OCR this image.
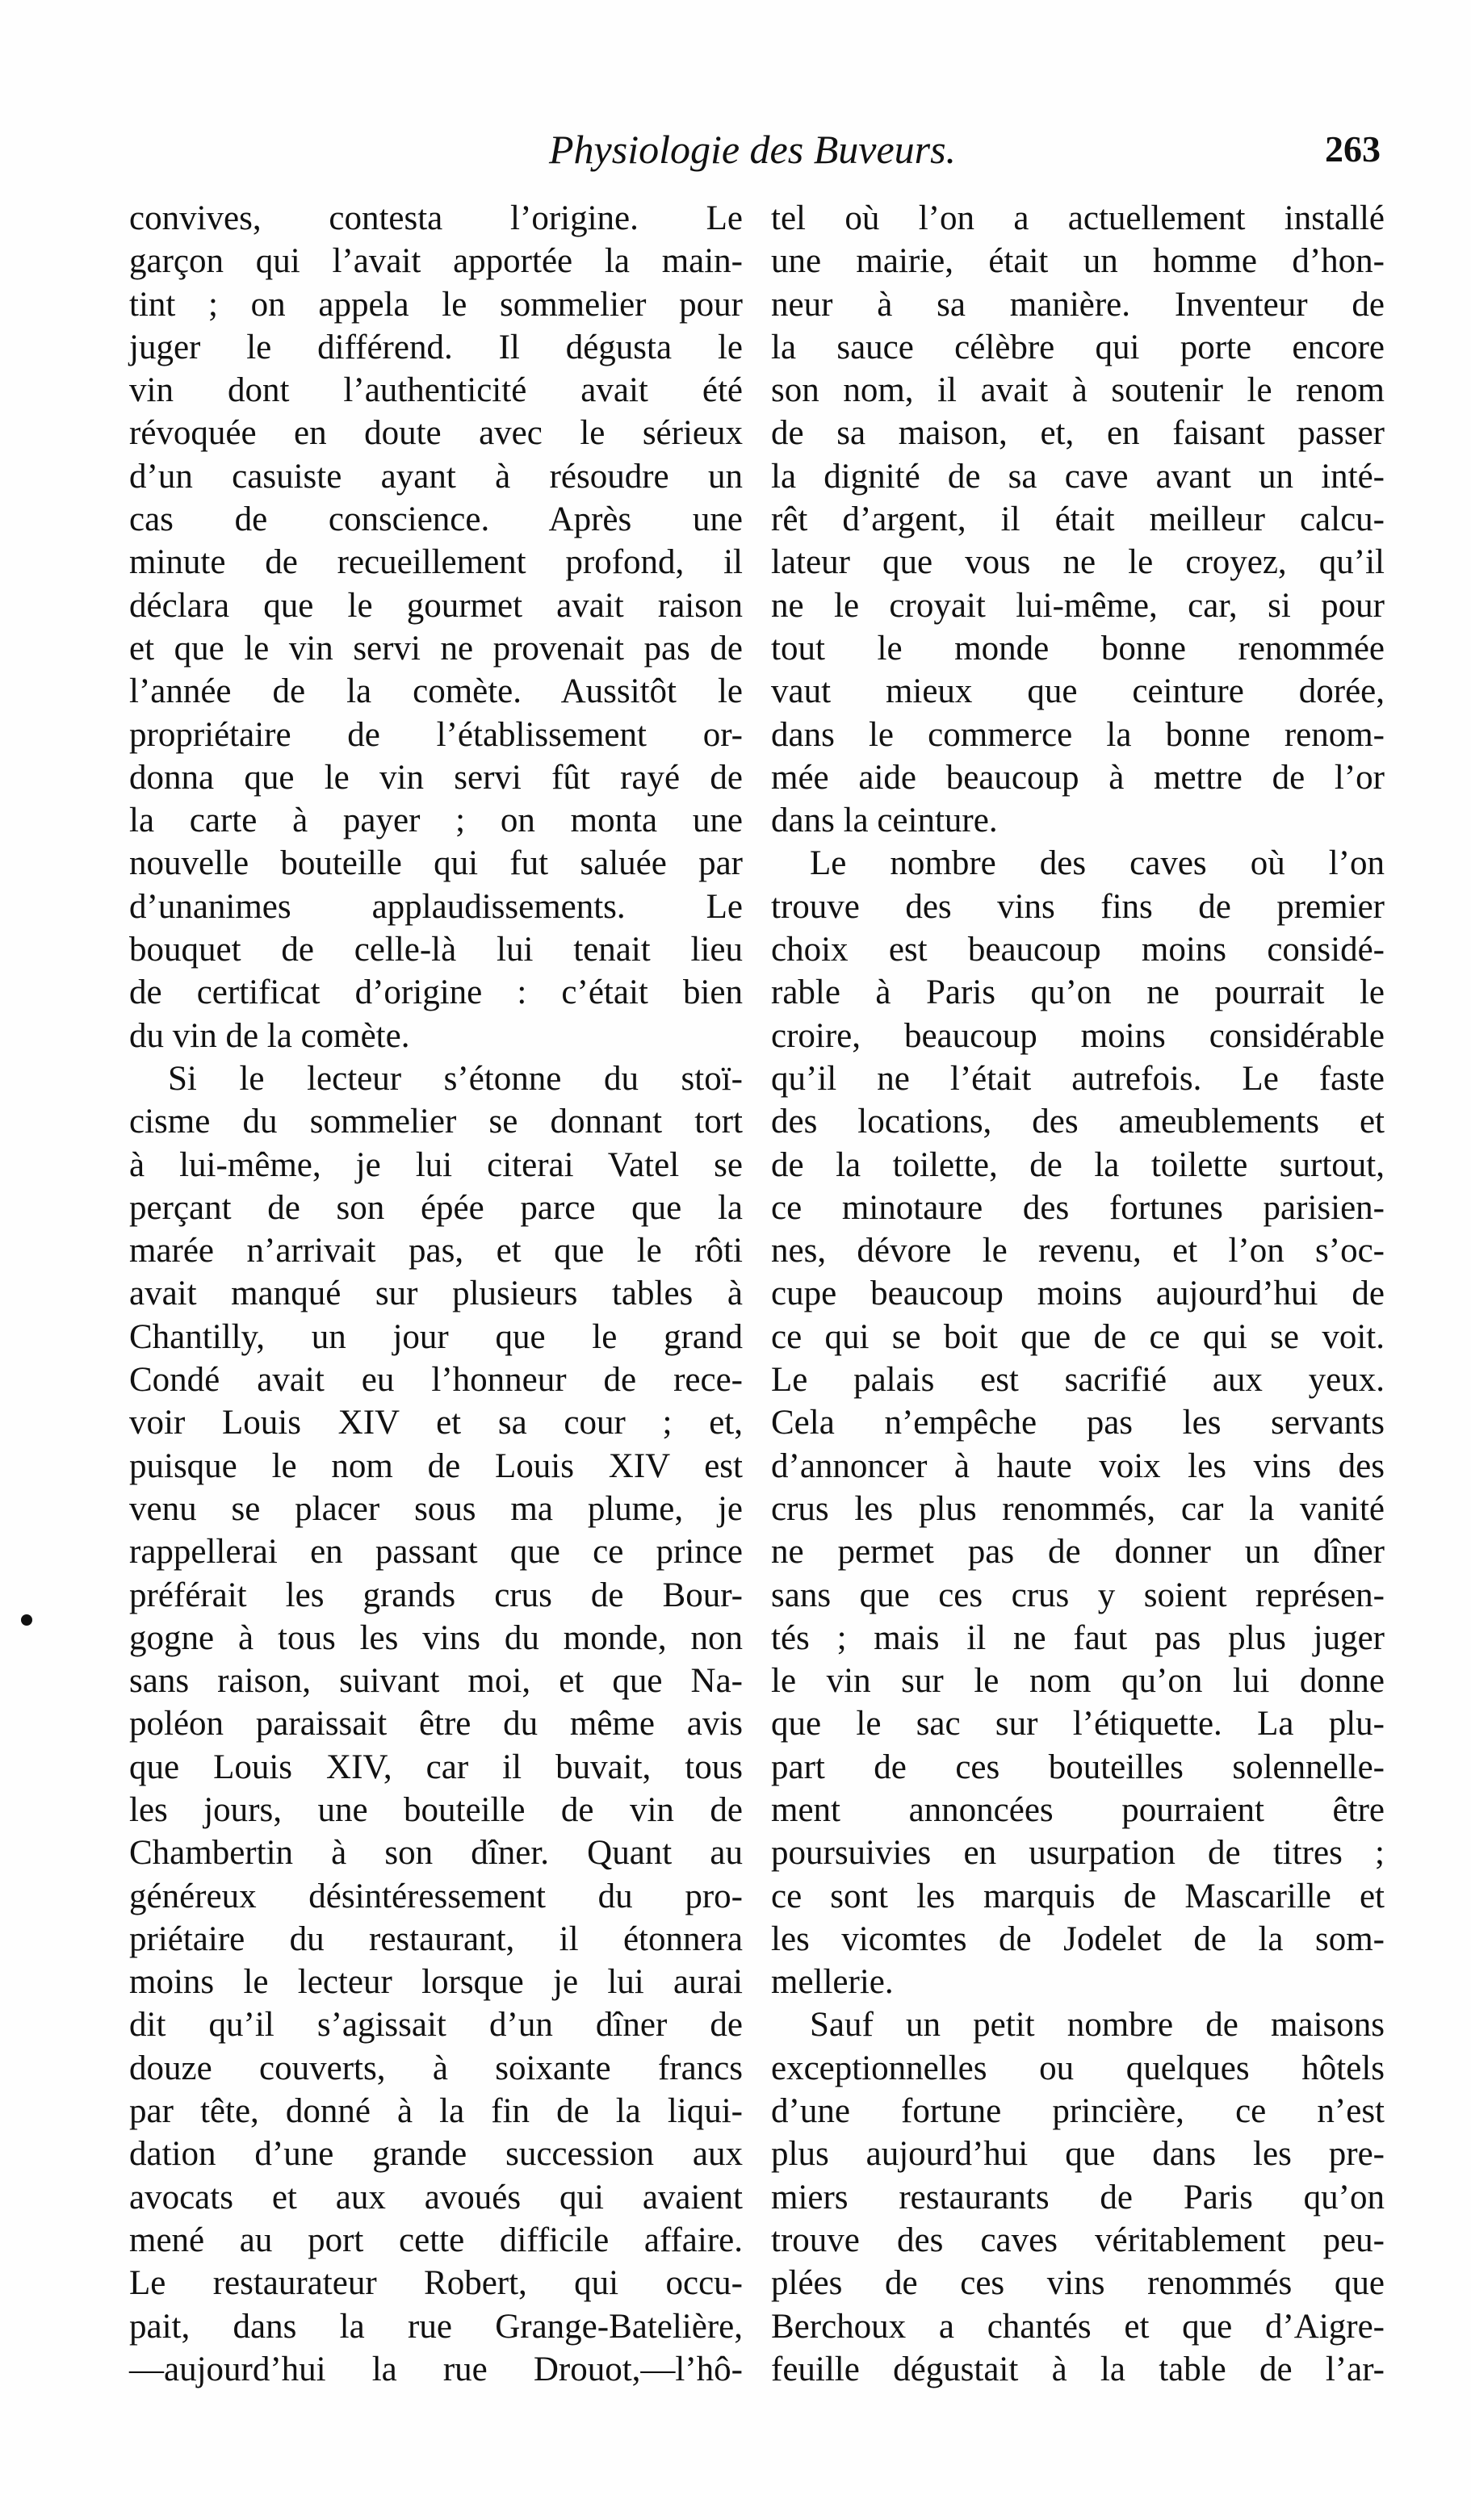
Physiologie des Buveurs.	263
convives, contesta l’origine. Le
garçon qui l’avait apportée la main-
tint ; on appela le sommelier pour
juger le différend. Il dégusta le
vin dont l’authenticité avait été
révoquée en doute avec le sérieux
d’un casuiste ayant à résoudre un
cas de conscience. Après une
minute de recueillement profond, il
déclara que le gourmet avait raison
et que le vin servi ne provenait pas de
l’année de la comète. Aussitôt le
propriétaire de l’établissement or-
donna que le vin servi fût rayé de
la carte à payer ; on monta une
nouvelle bouteille qui fut saluée par
d’unanimes applaudissements. Le
bouquet de celle-là lui tenait lieu
de certificat d’origine : c’était bien
du vin de la comète.
Si le lecteur s’étonne du stoï-
cisme du sommelier se donnant tort
à lui-même, je lui citerai Vatel se
perçant de son épée parce que la
marée n’arrivait pas, et que le rôti
avait manqué sur plusieurs tables à
Chantilly, un jour que le grand
Condé avait eu l’honneur de rece-
voir Louis XIV et sa cour ; et,
puisque le nom de Louis XIV est
venu se placer sous ma plume, je
rappellerai en passant que ce prince
préférait les grands crus de Bour-
gogne à tous les vins du monde, non
sans raison, suivant moi, et que Na-
poléon paraissait être du même avis
que Louis XIV, car il buvait, tous
les jours, une bouteille de vin de
Chambertin à son dîner. Quant au
généreux désintéressement du pro-
priétaire du restaurant, il étonnera
moins le lecteur lorsque je lui aurai
dit qu’il s’agissait d’un dîner de
douze couverts, à soixante francs
par tête, donné à la fin de la liqui-
dation d’une grande succession aux
avocats et aux avoués qui avaient
mené au port cette difficile affaire.
Le restaurateur Robert, qui occu-
pait, dans la rue Grange-Batelière,
—aujourd’hui la rue Drouot,—l’hô-
tel où l’on a actuellement installé
une mairie, était un homme d’hon-
neur à sa manière. Inventeur de
la sauce célèbre qui porte encore
son nom, il avait à soutenir le renom
de sa maison, et, en faisant passer
la dignité de sa cave avant un inté-
rêt d’argent, il était meilleur calcu-
lateur que vous ne le croyez, qu’il
ne le croyait lui-même, car, si pour
tout le monde bonne renommée
vaut mieux que ceinture dorée,
dans le commerce la bonne renom-
mée aide beaucoup à mettre de l’or
dans la ceinture.
Le nombre des caves où l’on
trouve des vins fins de premier
choix est beaucoup moins considé-
rable à Paris qu’on ne pourrait le
croire, beaucoup moins considérable
qu’il ne l’était autrefois. Le faste
des locations, des ameublements et
de la toilette, de la toilette surtout,
ce minotaure des fortunes parisien-
nes, dévore le revenu, et l’on s’oc-
cupe beaucoup moins aujourd’hui de
ce qui se boit que de ce qui se voit.
Le palais est sacrifié aux yeux.
Cela n’empêche pas les servants
d’annoncer à haute voix les vins des
crus les plus renommés, car la vanité
ne permet pas de donner un dîner
sans que ces crus y soient représen-
tés ; mais il ne faut pas plus juger
le vin sur le nom qu’on lui donne
que le sac sur l’étiquette. La plu-
part de ces bouteilles solennelle-
ment annoncées pourraient être
poursuivies en usurpation de titres ;
ce sont les marquis de Mascarille et
les vicomtes de Jodelet de la som-
mellerie.
Sauf un petit nombre de maisons
exceptionnelles ou quelques hôtels
d’une fortune princière, ce n’est
plus aujourd’hui que dans les pre-
miers restaurants de Paris qu’on
trouve des caves véritablement peu-
plées de ces vins renommés que
Berchoux a chantés et que d’Aigre-
feuille dégustait à la table de l’ar-
